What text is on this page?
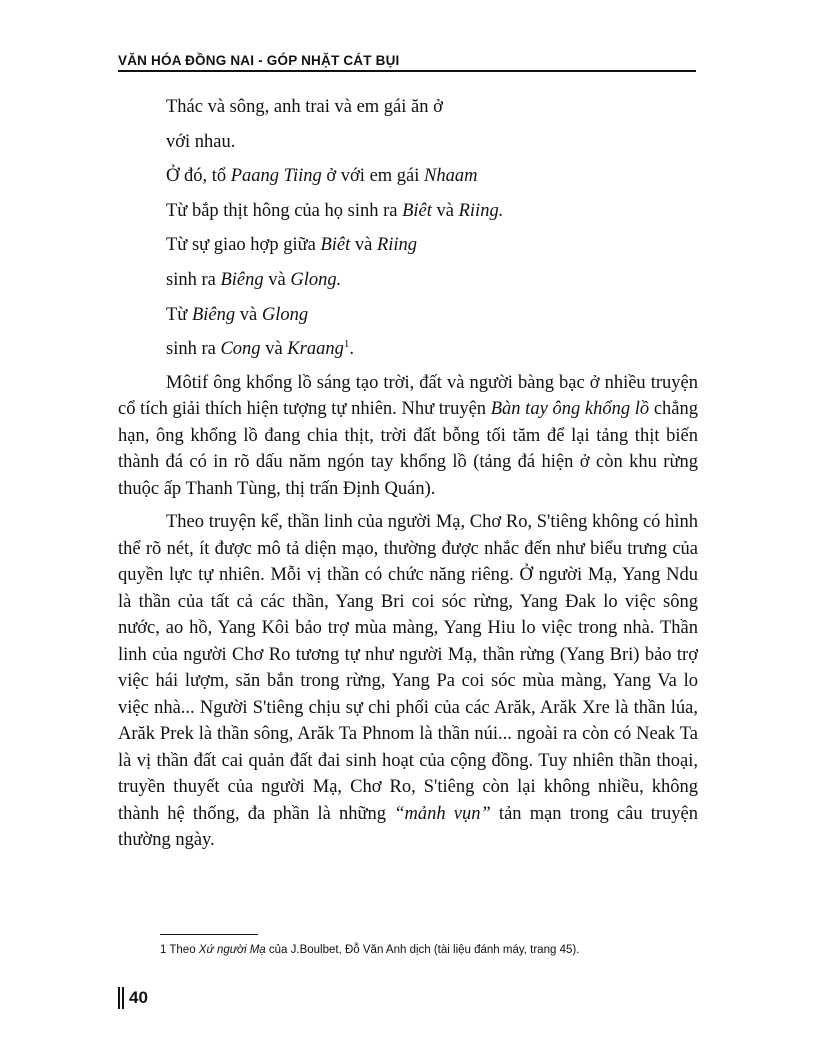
VĂN HÓA ĐỒNG NAI - GÓP NHẶT CÁT BỤI
Thác và sông, anh trai và em gái ăn ở
với nhau.
Ở đó, tổ Paang Tiing ở với em gái Nhaam
Từ bắp thịt hông của họ sinh ra Biêt và Riing.
Từ sự giao hợp giữa Biêt và Riing
sinh ra Biêng và Glong.
Từ Biêng và Glong
sinh ra Cong và Kraang$^1$.

Môtif ông khổng lồ sáng tạo trời, đất và người bàng bạc ở nhiều truyện cổ tích giải thích hiện tượng tự nhiên. Như truyện Bàn tay ông khổng lồ chẳng hạn, ông khổng lồ đang chia thịt, trời đất bỗng tối tăm để lại tảng thịt biến thành đá có in rõ dấu năm ngón tay khổng lồ (tảng đá hiện ở còn khu rừng thuộc ấp Thanh Tùng, thị trấn Định Quán).

Theo truyện kể, thần linh của người Mạ, Chơ Ro, S'tiêng không có hình thể rõ nét, ít được mô tả diện mạo, thường được nhắc đến như biểu trưng của quyền lực tự nhiên. Mỗi vị thần có chức năng riêng. Ở người Mạ, Yang Ndu là thần của tất cả các thần, Yang Bri coi sóc rừng, Yang Đak lo việc sông nước, ao hồ, Yang Kôi bảo trợ mùa màng, Yang Hiu lo việc trong nhà. Thần linh của người Chơ Ro tương tự như người Mạ, thần rừng (Yang Bri) bảo trợ việc hái lượm, săn bắn trong rừng, Yang Pa coi sóc mùa màng, Yang Va lo việc nhà... Người S'tiêng chịu sự chi phối của các Arăk, Arăk Xre là thần lúa, Arăk Prek là thần sông, Arăk Ta Phnom là thần núi... ngoài ra còn có Neak Ta là vị thần đất cai quản đất đai sinh hoạt của cộng đồng. Tuy nhiên thần thoại, truyền thuyết của người Mạ, Chơ Ro, S'tiêng còn lại không nhiều, không thành hệ thống, đa phần là những “mảnh vụn” tản mạn trong câu truyện thường ngày.

1 Theo Xứ người Mạ của J.Boulbet, Đỗ Văn Anh dịch (tài liệu đánh máy, trang 45).
40
